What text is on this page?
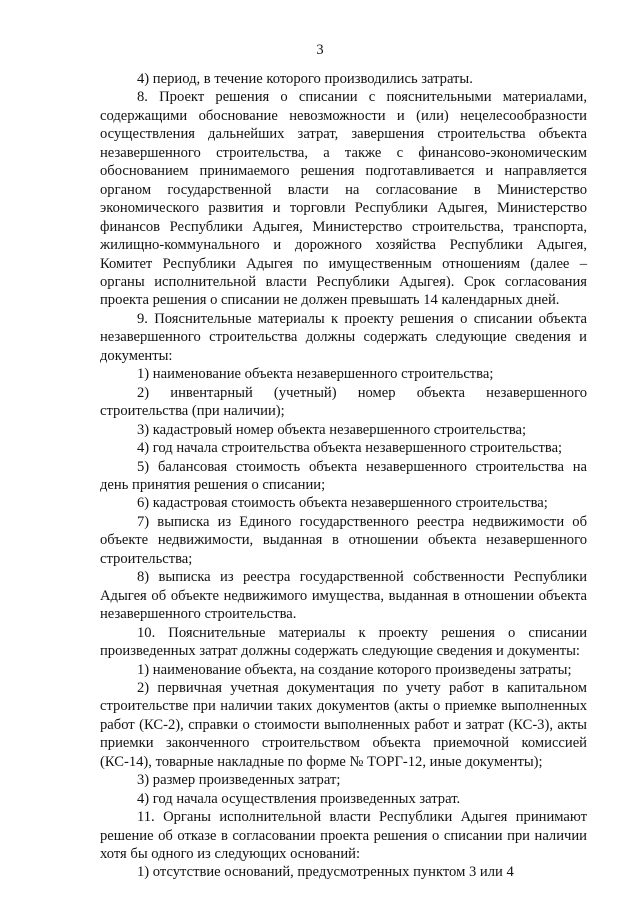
3

4) период, в течение которого производились затраты.

8. Проект решения о списании с пояснительными материалами, содержащими обоснование невозможности и (или) нецелесообразности осуществления дальнейших затрат, завершения строительства объекта незавершенного строительства, а также с финансово-экономическим обоснованием принимаемого решения подготавливается и направляется органом государственной власти на согласование в Министерство экономического развития и торговли Республики Адыгея, Министерство финансов Республики Адыгея, Министерство строительства, транспорта, жилищно-коммунального и дорожного хозяйства Республики Адыгея, Комитет Республики Адыгея по имущественным отношениям (далее – органы исполнительной власти Республики Адыгея). Срок согласования проекта решения о списании не должен превышать 14 календарных дней.

9. Пояснительные материалы к проекту решения о списании объекта незавершенного строительства должны содержать следующие сведения и документы:

1) наименование объекта незавершенного строительства;

2) инвентарный (учетный) номер объекта незавершенного строительства (при наличии);

3) кадастровый номер объекта незавершенного строительства;

4) год начала строительства объекта незавершенного строительства;

5) балансовая стоимость объекта незавершенного строительства на день принятия решения о списании;

6) кадастровая стоимость объекта незавершенного строительства;

7) выписка из Единого государственного реестра недвижимости об объекте недвижимости, выданная в отношении объекта незавершенного строительства;

8) выписка из реестра государственной собственности Республики Адыгея об объекте недвижимого имущества, выданная в отношении объекта незавершенного строительства.

10. Пояснительные материалы к проекту решения о списании произведенных затрат должны содержать следующие сведения и документы:

1) наименование объекта, на создание которого произведены затраты;

2) первичная учетная документация по учету работ в капитальном строительстве при наличии таких документов (акты о приемке выполненных работ (КС-2), справки о стоимости выполненных работ и затрат (КС-3), акты приемки законченного строительством объекта приемочной комиссией (КС-14), товарные накладные по форме № ТОРГ-12, иные документы);

3) размер произведенных затрат;

4) год начала осуществления произведенных затрат.

11. Органы исполнительной власти Республики Адыгея принимают решение об отказе в согласовании проекта решения о списании при наличии хотя бы одного из следующих оснований:

1) отсутствие оснований, предусмотренных пунктом 3 или 4
